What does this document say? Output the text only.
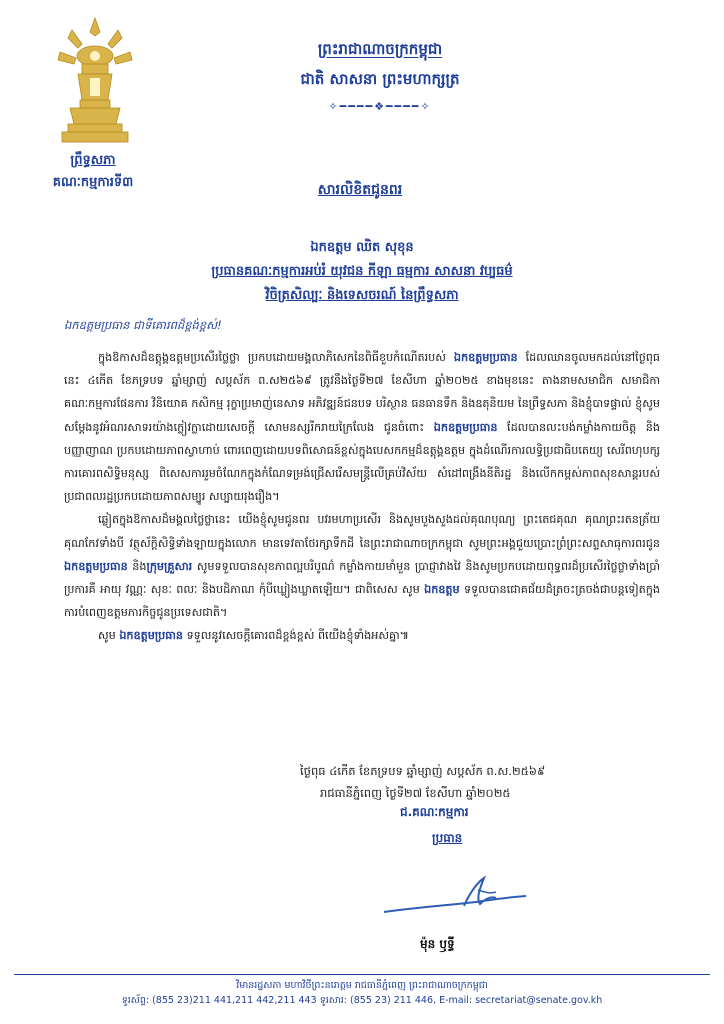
ព្រឹទ្ធសភា
គណៈកម្មការទី៣
ព្រះរាជាណាចក្រកម្ពុជា
ជាតិ សាសនា ព្រះមហាក្សត្រ
✧━━━━❖━━━━✧
សារលិខិតជូនពរ
ឯកឧត្តម ឈិត សុខុន
ប្រធានគណៈកម្មការអប់រំ យុវជន កីឡា ធម្មការ សាសនា វប្បធម៌
វិចិត្រសិល្បៈ និងទេសចរណ៍ នៃព្រឹទ្ធសភា
ឯកឧត្តមប្រធាន ជាទីគោរពដ៏ខ្ពង់ខ្ពស់!

ក្នុងឱកាសដ៏ឧត្តុង្គឧត្តមប្រសើរថ្លៃថ្លា ប្រកបដោយមង្គលាភិសេកនៃពិធីខួបកំណើតរបស់ ឯកឧត្តមប្រធាន ដែលឈានចូលមកដល់នៅថ្ងៃពុធនេះ ៤កើត ខែភទ្របទ ឆ្នាំម្សាញ់ សប្តស័ក ព.ស២៥៦៩ ត្រូវនឹងថ្ងៃទី២៧ ខែសីហា ឆ្នាំ២០២៥ ខាងមុខនេះ តាងនាមសមាជិក សមាជិកាគណៈកម្មការផែនការ វិនិយោគ កសិកម្ម រុក្ខាប្រមាញ់នេសាទ អភិវឌ្ឍន៍ជនបទ បរិស្ថាន ធនធានទឹក និងឧតុនិយម នៃព្រឹទ្ធសភា និងខ្ញុំបាទផ្ទាល់ ខ្ញុំសូមសម្តែងនូវអំណរសាទរយ៉ាងក្លៀវក្លាដោយសេចក្តី សោមនស្សរីករាយក្រៃលែង ជូនចំពោះ ឯកឧត្តមប្រធាន ដែលបានលះបង់កម្លាំងកាយចិត្ត និងបញ្ញាញាណ ប្រកបដោយភាពស្វាហាប់ ពោរពេញដោយបទពិសោធន៍ខ្ពស់ក្នុងបេសកកម្មដ៏ឧត្តុង្គឧត្តម ក្នុងដំណើរការលទ្ធិប្រជាធិបតេយ្យ សេរីពហុបក្ស ការគោរពសិទ្ធិមនុស្ស ពិសេសការរួមចំណែកក្នុងកំណែទម្រង់ជ្រើសរើសមន្ត្រីលើគ្រប់វិស័យ សំដៅពង្រឹងនីតិរដ្ឋ និងលើកកម្ពស់ភាពសុខសាន្តរបស់ប្រជាពលរដ្ឋប្រកបដោយភាពសម្បូរ សប្បាយរុងរឿង។

ឆ្លៀតក្នុងឱកាសដ៏មង្គលថ្លៃថ្លានេះ យើងខ្ញុំសូមជូនពរ បវរមហាប្រសើរ និងសូមបួងសួងដល់គុណបុណ្យ ព្រះតេជគុណ គុណព្រះរតនត្រ័យ គុណកែវទាំងបី វត្ថុស័ក្តិសិទ្ធិទាំងឡាយក្នុងលោក មានទេវតាថែរក្សាទឹកដី នៃព្រះរាជាណាចក្រកម្ពុជា សូមព្រះអង្គជួយប្រោះព្រំព្រះសព្ទសាធុការពរជូន ឯកឧត្តមប្រធាន និងក្រុមគ្រួសារ សូមទទួលបានសុខភាពល្អបរិបូណ៌ កម្លាំងកាយមាំមួន ប្រាជ្ញាវាងវៃ និងសូមប្រកបដោយពុទ្ធពរដ៏ប្រសើរថ្លៃថ្លាទាំងប្រាំប្រការគឺ អាយុ វណ្ណៈ សុខៈ ពលៈ និងបដិភាណ កុំបីឃ្លៀងឃ្លាតឡើយ។ ជាពិសេស សូម ឯកឧត្តម ទទួលបានជោគជ័យដ៏ត្រចះត្រចង់ជាបន្តទៀតក្នុងការបំពេញឧត្តមភារកិច្ចជូនប្រទេសជាតិ។

សូម ឯកឧត្តមប្រធាន ទទួលនូវសេចក្តីគោរពដ៏ខ្ពង់ខ្ពស់ ពីយើងខ្ញុំទាំងអស់គ្នា៕

ថ្ងៃពុធ ៤កើត ខែភទ្របទ ឆ្នាំម្សាញ់ សប្តស័ក ព.ស.២៥៦៩
រាជធានីភ្នំពេញ ថ្ងៃទី២៧ ខែសីហា ឆ្នាំ២០២៥
ជ.គណៈកម្មការ
ប្រធាន
ម៉ុន ឫទ្ធី
វិមានរដ្ឋសភា មហាវិថីព្រះនរោត្តម រាជធានីភ្នំពេញ ព្រះរាជាណាចក្រកម្ពុជា
ទូរស័ព្ទ: (855 23)211 441,211 442,211 443 ទូរសារ: (855 23) 211 446, E-mail: secretariat@senate.gov.kh
